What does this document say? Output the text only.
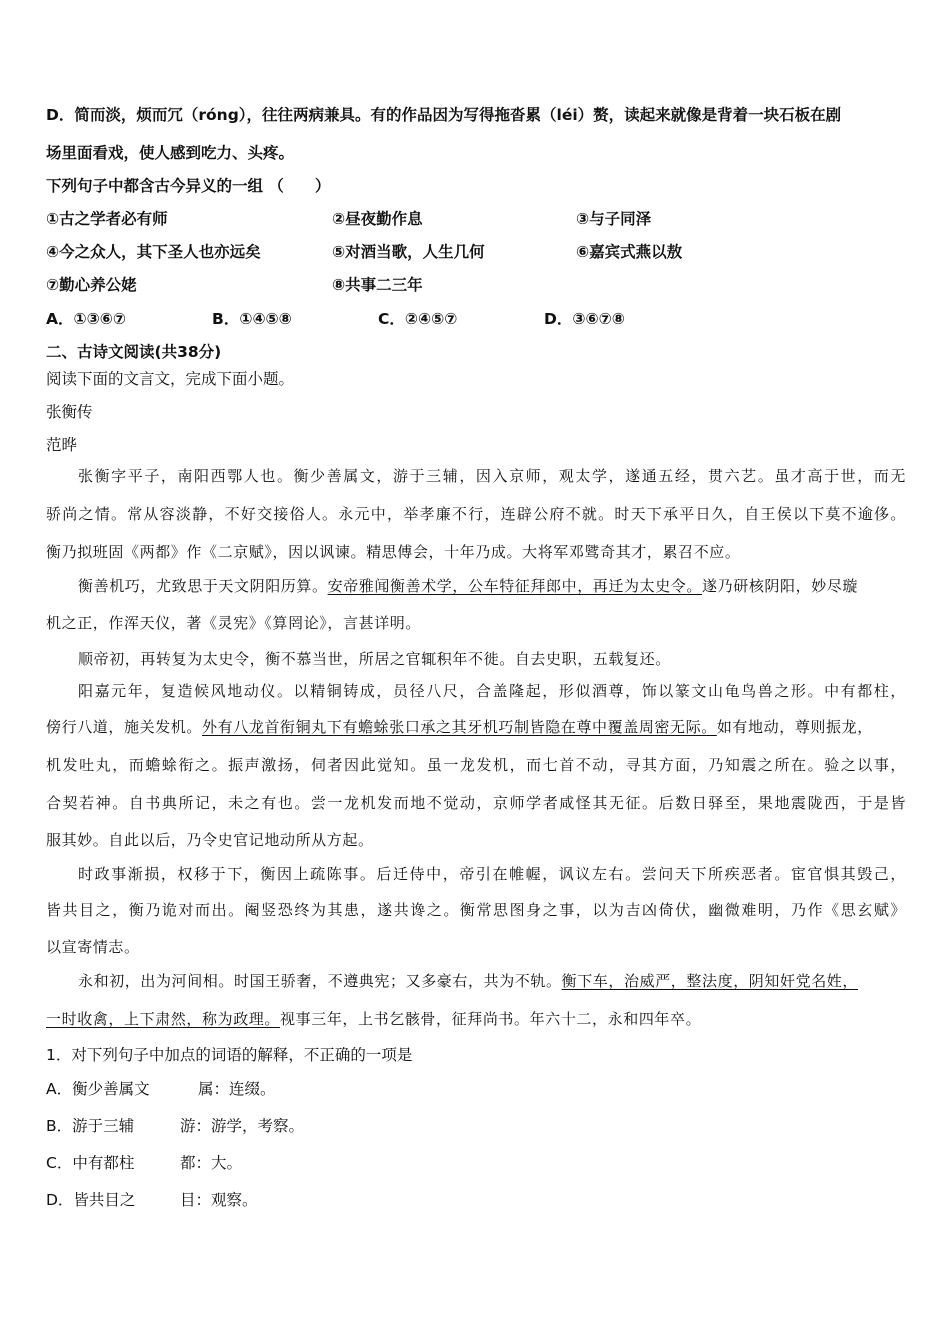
D．简而淡，烦而冗（róng），往往两病兼具。有的作品因为写得拖沓累（léi）赘，读起来就像是背着一块石板在剧
场里面看戏，使人感到吃力、头疼。
下列句子中都含古今异义的一组 （　　）
①古之学者必有师	②昼夜勤作息	③与子同泽
④今之众人，其下圣人也亦远矣	⑤对酒当歌，人生几何	⑥嘉宾式燕以敖
⑦勤心养公姥	⑧共事二三年
A．①③⑥⑦	B．①④⑤⑧	C．②④⑤⑦	D．③⑥⑦⑧
二、古诗文阅读(共38分)
阅读下面的文言文，完成下面小题。
张衡传
范晔
张衡字平子，南阳西鄂人也。衡少善属文，游于三辅，因入京师，观太学，遂通五经，贯六艺。虽才高于世，而无
骄尚之情。常从容淡静，不好交接俗人。永元中，举孝廉不行，连辟公府不就。时天下承平日久，自王侯以下莫不逾侈。
衡乃拟班固《两都》作《二京赋》，因以讽谏。精思傅会，十年乃成。大将军邓骘奇其才，累召不应。
衡善机巧，尤致思于天文阴阳历算。安帝雅闻衡善术学，公车特征拜郎中，再迁为太史令。遂乃研核阴阳，妙尽璇
机之正，作浑天仪，著《灵宪》《算罔论》，言甚详明。
顺帝初，再转复为太史令，衡不慕当世，所居之官辄积年不徙。自去史职，五载复还。
阳嘉元年，复造候风地动仪。以精铜铸成，员径八尺，合盖隆起，形似酒尊，饰以篆文山龟鸟兽之形。中有都柱，
傍行八道，施关发机。外有八龙首衔铜丸下有蟾蜍张口承之其牙机巧制皆隐在尊中覆盖周密无际。如有地动，尊则振龙，
机发吐丸，而蟾蜍衔之。振声激扬，伺者因此觉知。虽一龙发机，而七首不动，寻其方面，乃知震之所在。验之以事，
合契若神。自书典所记，未之有也。尝一龙机发而地不觉动，京师学者咸怪其无征。后数日驿至，果地震陇西，于是皆
服其妙。自此以后，乃令史官记地动所从方起。
时政事渐损，权移于下，衡因上疏陈事。后迁侍中，帝引在帷幄，讽议左右。尝问天下所疾恶者。宦官惧其毁己，
皆共目之，衡乃诡对而出。阉竖恐终为其患，遂共谗之。衡常思图身之事，以为吉凶倚伏，幽微难明，乃作《思玄赋》
以宣寄情志。
永和初，出为河间相。时国王骄奢，不遵典宪；又多豪右，共为不轨。衡下车，治威严，整法度，阴知奸党名姓，
一时收禽，上下肃然，称为政理。视事三年，上书乞骸骨，征拜尚书。年六十二，永和四年卒。
1．对下列句子中加点的词语的解释，不正确的一项是
A．衡少善属文	属：连缀。
B．游于三辅	游：游学，考察。
C．中有都柱	都：大。
D．皆共目之	目：观察。
